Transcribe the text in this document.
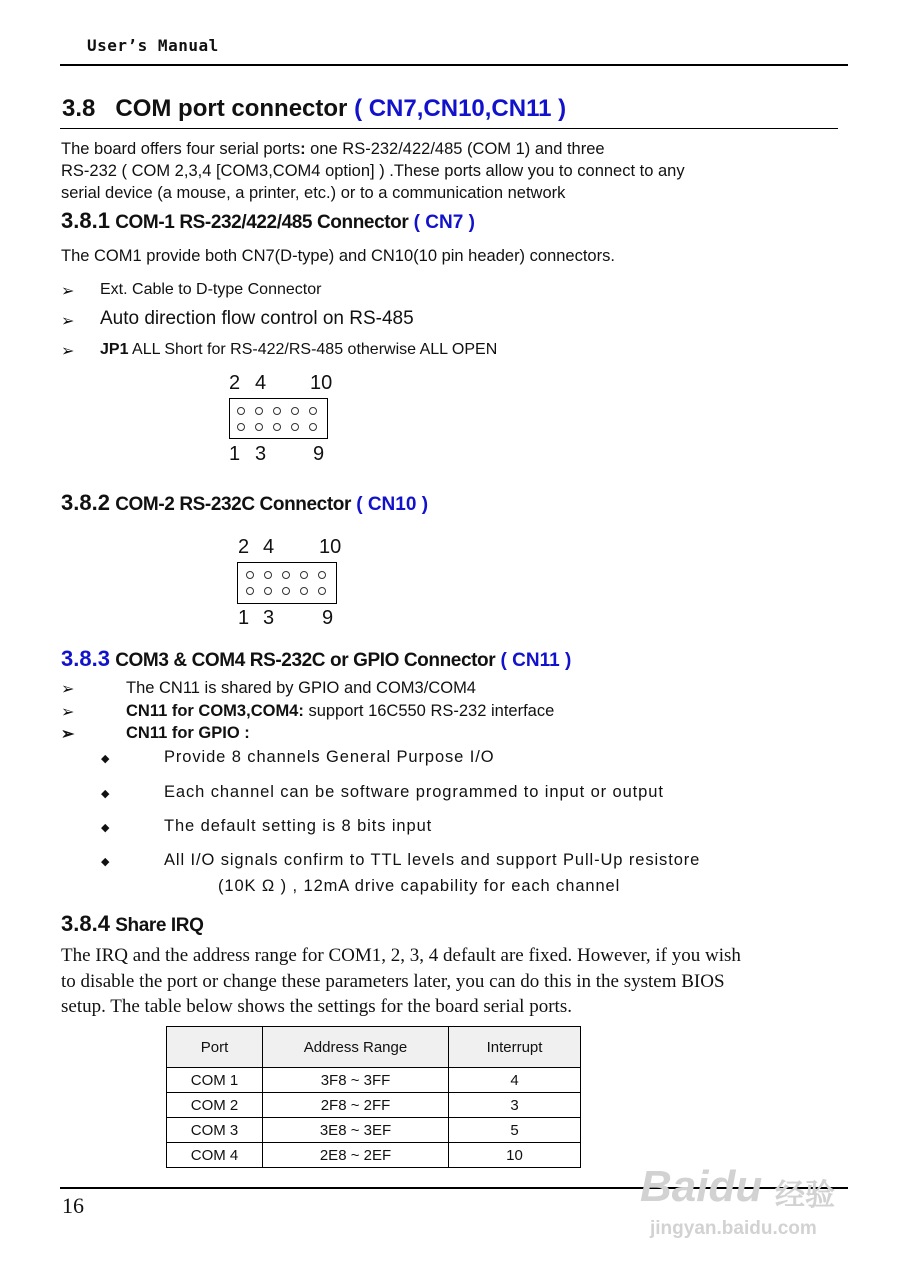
User’s Manual
3.8 COM port connector ( CN7,CN10,CN11 )
The board offers four serial ports: one RS-232/422/485 (COM 1) and three
RS-232 ( COM 2,3,4 [COM3,COM4 option] ) .These ports allow you to connect to any
serial device (a mouse, a printer, etc.) or to a communication network
3.8.1 COM-1 RS-232/422/485 Connector ( CN7 )
The COM1 provide both CN7(D-type) and CN10(10 pin header) connectors.
➢ Ext. Cable to D-type Connector
➢ Auto direction flow control on RS-485
➢ JP1 ALL Short for RS-422/RS-485 otherwise ALL OPEN
2 4 10
1 3 9
3.8.2 COM-2 RS-232C Connector ( CN10 )
2 4 10
1 3 9
3.8.3 COM3 & COM4 RS-232C or GPIO Connector ( CN11 )
➢	The CN11 is shared by GPIO and COM3/COM4
➢	CN11 for COM3,COM4: support 16C550 RS-232 interface
➢	CN11 for GPIO :
◆	Provide 8 channels General Purpose I/O
◆	Each channel can be software programmed to input or output
◆	The default setting is 8 bits input
◆	All I/O signals confirm to TTL levels and support Pull-Up resistore
(10K Ω ) , 12mA drive capability for each channel
3.8.4 Share IRQ
The IRQ and the address range for COM1, 2, 3, 4 default are fixed. However, if you wish
to disable the port or change these parameters later, you can do this in the system BIOS
setup. The table below shows the settings for the board serial ports.
Port	Address Range	Interrupt
COM 1	3F8 ~ 3FF	4
COM 2	2F8 ~ 2FF	3
COM 3	3E8 ~ 3EF	5
COM 4	2E8 ~ 2EF	10
16	Baidu 经验
jingyan.baidu.com
